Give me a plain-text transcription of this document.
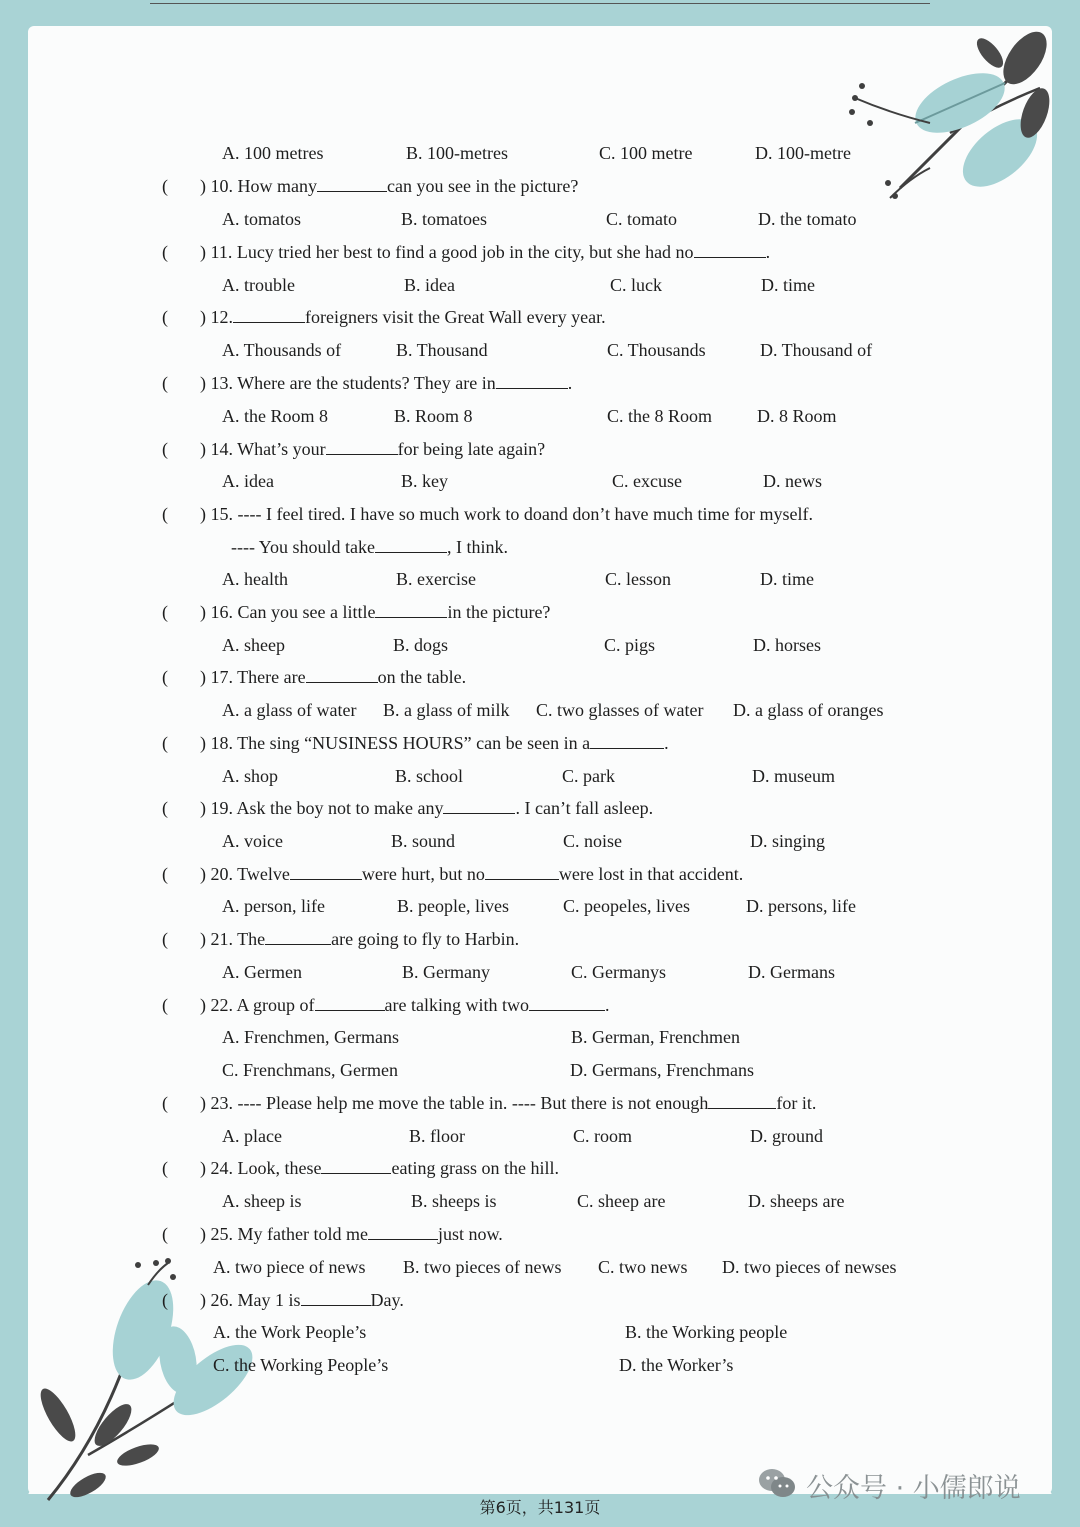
A. 100 metres	B. 100-metres	C. 100 metre	D. 100-metre
( ) 10. How many	can you see in the picture?
A. tomatos	B. tomatoes	C. tomato	D. the tomato
( ) 11. Lucy tried her best to find a good job in the city, but she had no	.
A. trouble	B. idea	C. luck	D. time
( ) 12.	foreigners visit the Great Wall every year.
A. Thousands of	B. Thousand	C. Thousands	D. Thousand of
( ) 13. Where are the students? They are in	.
A. the Room 8	B. Room 8	C. the 8 Room D. 8 Room
( ) 14. What’s your	for being late again?
A. idea	B. key	C. excuse	D. news
( ) 15. ---- I feel tired. I have so much work to doand don’t have much time for myself.
---- You should take	, I think.
A. health	B. exercise	C. lesson	D. time
( ) 16. Can you see a little	in the picture?
A. sheep	B. dogs	C. pigs	D. horses
( ) 17. There are	on the table.
A. a glass of water B. a glass of milk C. two glasses of water D. a glass of oranges
( ) 18. The sing “NUSINESS HOURS” can be seen in a	.
A. shop	B. school	C. park	D. museum
( ) 19. Ask the boy not to make any	. I can’t fall asleep.
A. voice	B. sound	C. noise	D. singing
( ) 20. Twelve	were hurt, but no	were lost in that accident.
A. person, life	B. people, lives	C. peopeles, lives	D. persons, life
( ) 21. The	are going to fly to Harbin.
A. Germen	B. Germany	C. Germanys	D. Germans
( ) 22. A group of	are talking with two	.
A. Frenchmen, Germans	B. German, Frenchmen
C. Frenchmans, Germen	D. Germans, Frenchmans
( ) 23. ---- Please help me move the table in. ---- But there is not enough	for it.
A. place	B. floor	C. room	D. ground
( ) 24. Look, these	eating grass on the hill.
A. sheep is	B. sheeps is	C. sheep are	D. sheeps are
( ) 25. My father told me	just now.
A. two piece of news B. two pieces of news C. two news D. two pieces of newses
( ) 26. May 1 is	Day.
A. the Work People’s	B. the Working people
C. the Working People’s	D. the Worker’s
公众号 · 小儒郎说
第6页，共131页
